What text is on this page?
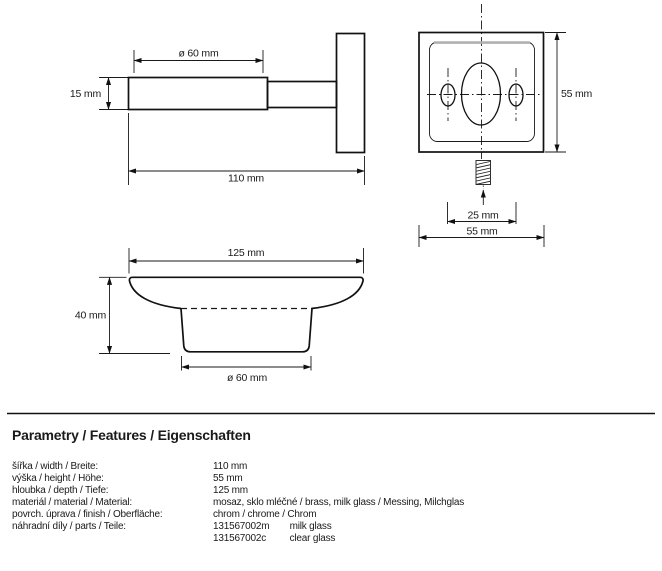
ø 60 mm
15 mm
110 mm
55 mm
25 mm
55 mm
125 mm
40 mm
ø 60 mm
Parametry / Features / Eigenschaften
šířka / width / Breite:	110 mm
výška / height / Höhe:	55 mm
hloubka / depth / Tiefe:	125 mm
materiál / material / Material:	mosaz, sklo mléčné / brass, milk glass / Messing, Milchglas
povrch. úprava / finish / Oberfläche:	chrom / chrome / Chrom
náhradní díly / parts / Teile:	131567002m milk glass
131567002c clear glass
